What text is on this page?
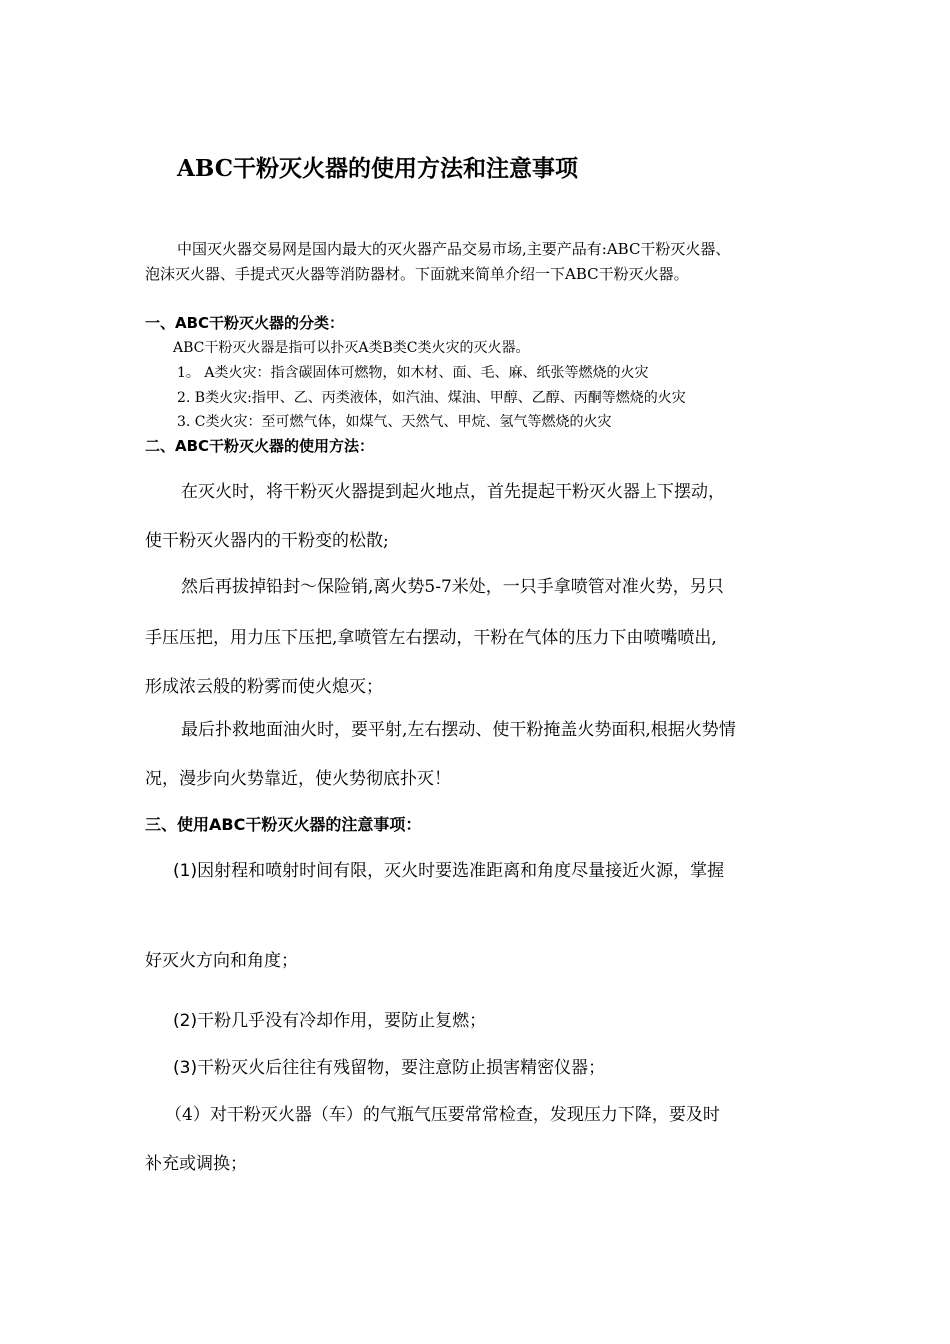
ABC干粉灭火器的使用方法和注意事项
中国灭火器交易网是国内最大的灭火器产品交易市场,主要产品有:ABC干粉灭火器、
泡沫灭火器、手提式灭火器等消防器材。下面就来简单介绍一下ABC干粉灭火器。
一、ABC干粉灭火器的分类：
ABC干粉灭火器是指可以扑灭A类B类C类火灾的灭火器。
1。 A类火灾：指含碳固体可燃物，如木材、面、毛、麻、纸张等燃烧的火灾
2. B类火灾:指甲、乙、丙类液体，如汽油、煤油、甲醇、乙醇、丙酮等燃烧的火灾
3. C类火灾：至可燃气体，如煤气、天然气、甲烷、氢气等燃烧的火灾
二、ABC干粉灭火器的使用方法：
在灭火时，将干粉灭火器提到起火地点，首先提起干粉灭火器上下摆动，
使干粉灭火器内的干粉变的松散;
然后再拔掉铅封～保险销,离火势5-7米处，一只手拿喷管对准火势，另只
手压压把，用力压下压把,拿喷管左右摆动，干粉在气体的压力下由喷嘴喷出,
形成浓云般的粉雾而使火熄灭；
最后扑救地面油火时，要平射,左右摆动、使干粉掩盖火势面积,根据火势情
况，漫步向火势靠近，使火势彻底扑灭！
三、使用ABC干粉灭火器的注意事项：
(1)因射程和喷射时间有限，灭火时要选准距离和角度尽量接近火源，掌握
好灭火方向和角度；
(2)干粉几乎没有冷却作用，要防止复燃；
(3)干粉灭火后往往有残留物，要注意防止损害精密仪器；
（4）对干粉灭火器（车）的气瓶气压要常常检查，发现压力下降，要及时
补充或调换；
